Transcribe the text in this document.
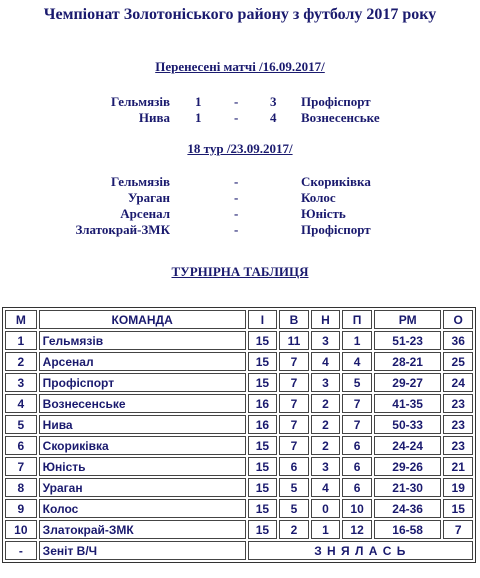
Чемпіонат Золотоніського району з футболу 2017 року
Перенесені матчі /16.09.2017/
Гельмязів 1	- 3 Профіспорт
Нива 1	- 4 Вознесенське
18 тур /23.09.2017/
Гельмязів	-	Скориківка
Ураган	-	Колос
Арсенал	-	Юність
Златокрай-ЗМК	-	Профіспорт
ТУРНІРНА ТАБЛИЦЯ
М	КОМАНДА	І	В	Н	П	РМ	О
1	Гельмязів	15	11	3	1	51-23	36
2	Арсенал	15	7	4	4	28-21	25
3	Профіспорт	15	7	3	5	29-27	24
4	Вознесенське	16	7	2	7	41-35	23
5	Нива	16	7	2	7	50-33	23
6	Скориківка	15	7	2	6	24-24	23
7	Юність	15	6	3	6	29-26	21
8	Ураган	15	5	4	6	21-30	19
9	Колос	15	5	0	10	24-36	15
10	Златокрай-ЗМК	15	2	1	12	16-58	7
-	Зеніт В/Ч	З Н Я Л А С Ь					
